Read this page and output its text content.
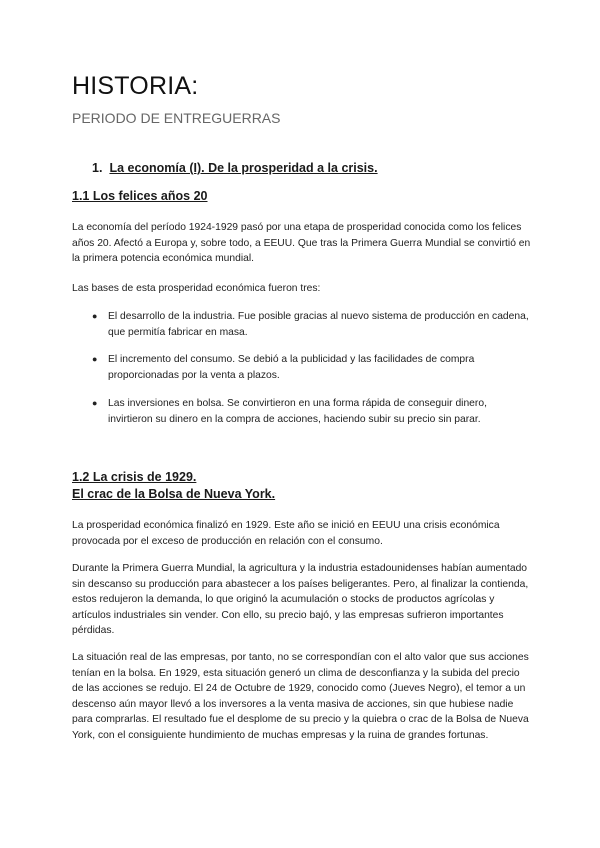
HISTORIA:

PERIODO DE ENTREGUERRAS

1. La economía (I). De la prosperidad a la crisis.
1.1 Los felices años 20

La economía del período 1924-1929 pasó por una etapa de prosperidad conocida como los felices años 20. Afectó a Europa y, sobre todo, a EEUU. Que tras la Primera Guerra Mundial se convirtió en la primera potencia económica mundial.

Las bases de esta prosperidad económica fueron tres:

● El desarrollo de la industria. Fue posible gracias al nuevo sistema de producción en cadena, que permitía fabricar en masa.
● El incremento del consumo. Se debió a la publicidad y las facilidades de compra proporcionadas por la venta a plazos.
● Las inversiones en bolsa. Se convirtieron en una forma rápida de conseguir dinero, invirtieron su dinero en la compra de acciones, haciendo subir su precio sin parar.
1.2 La crisis de 1929.
El crac de la Bolsa de Nueva York.

La prosperidad económica finalizó en 1929. Este año se inició en EEUU una crisis económica provocada por el exceso de producción en relación con el consumo.

Durante la Primera Guerra Mundial, la agricultura y la industria estadounidenses habían aumentado sin descanso su producción para abastecer a los países beligerantes. Pero, al finalizar la contienda, estos redujeron la demanda, lo que originó la acumulación o stocks de productos agrícolas y artículos industriales sin vender. Con ello, su precio bajó, y las empresas sufrieron importantes pérdidas.

La situación real de las empresas, por tanto, no se correspondían con el alto valor que sus acciones tenían en la bolsa. En 1929, esta situación generó un clima de desconfianza y la subida del precio de las acciones se redujo. El 24 de Octubre de 1929, conocido como (Jueves Negro), el temor a un descenso aún mayor llevó a los inversores a la venta masiva de acciones, sin que hubiese nadie para comprarlas. El resultado fue el desplome de su precio y la quiebra o crac de la Bolsa de Nueva York, con el consiguiente hundimiento de muchas empresas y la ruina de grandes fortunas.
